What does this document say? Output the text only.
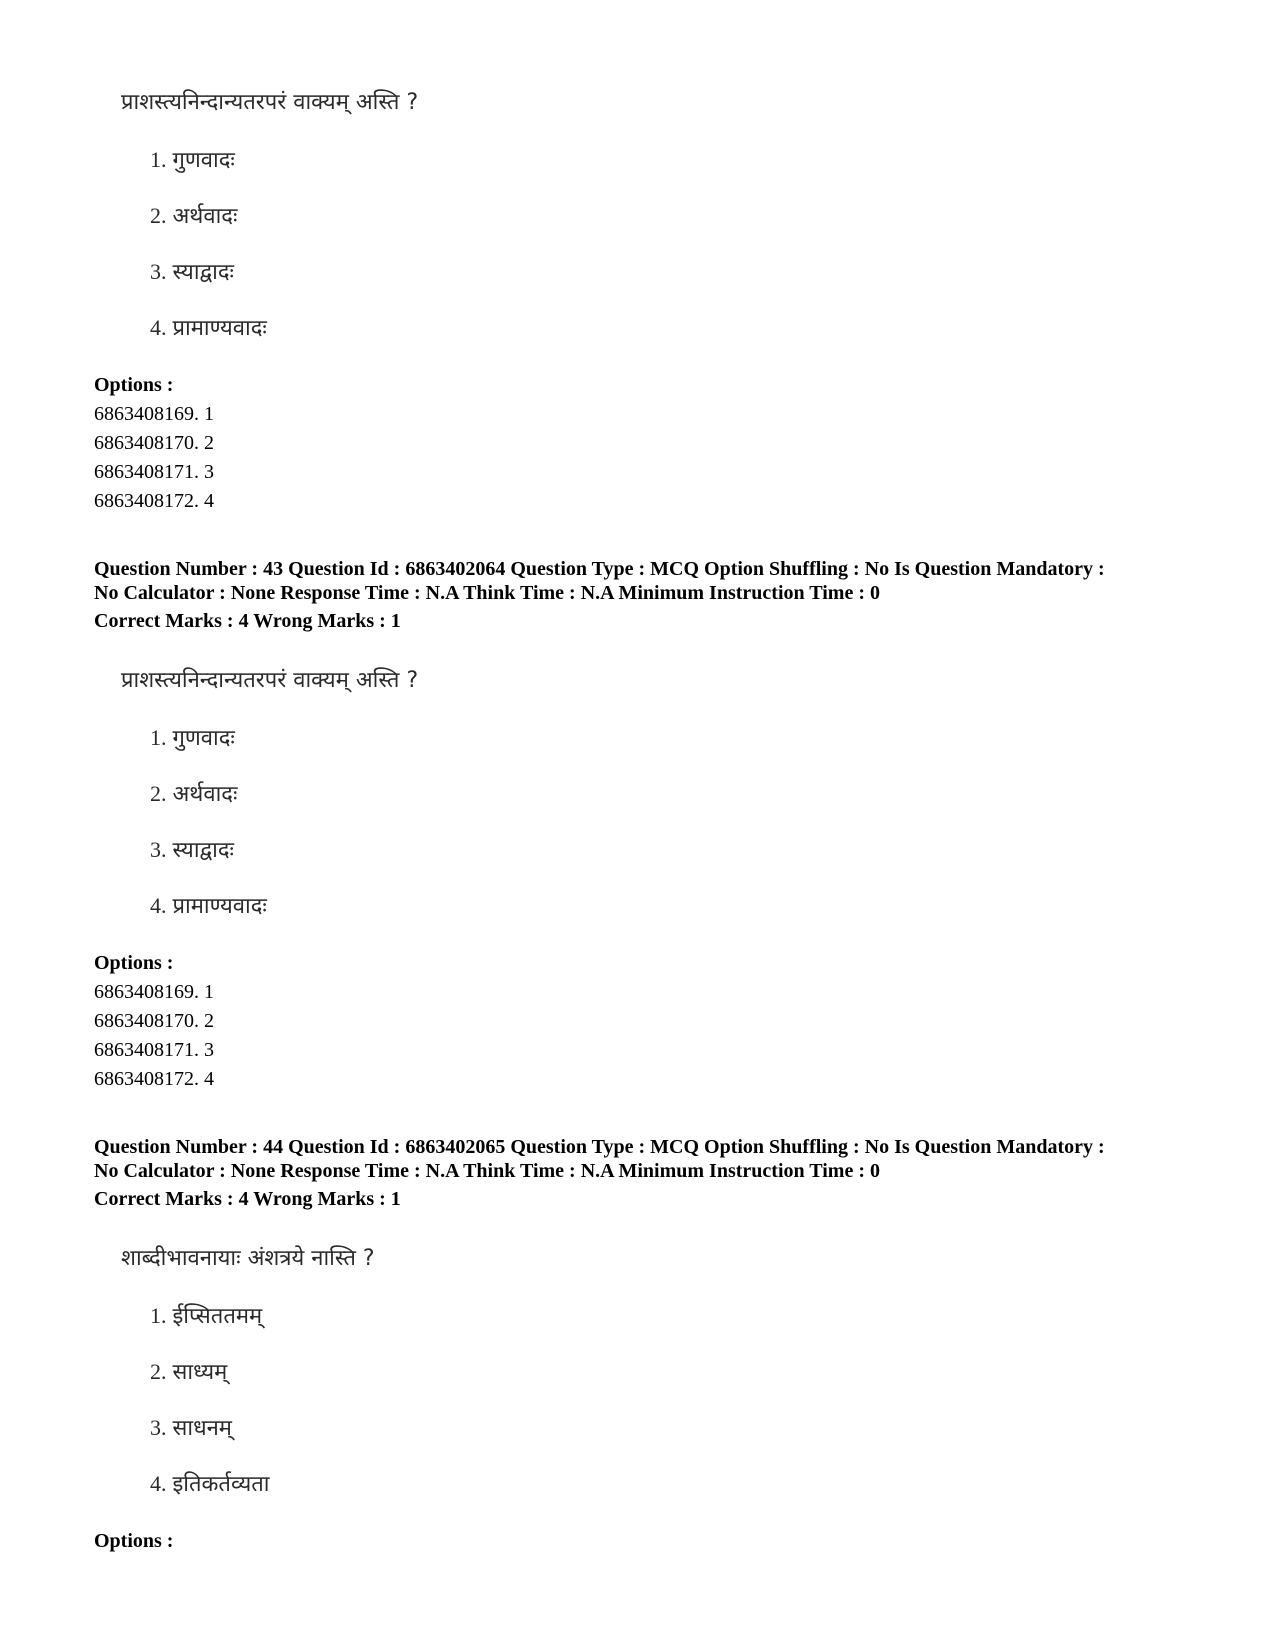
प्राशस्त्यनिन्दान्यतरपरं वाक्यम् अस्ति ?
1. गुणवादः
2. अर्थवादः
3. स्याद्वादः
4. प्रामाण्यवादः
Options :
6863408169. 1
6863408170. 2
6863408171. 3
6863408172. 4
Question Number : 43 Question Id : 6863402064 Question Type : MCQ Option Shuffling : No Is Question Mandatory :
No Calculator : None Response Time : N.A Think Time : N.A Minimum Instruction Time : 0
Correct Marks : 4 Wrong Marks : 1
प्राशस्त्यनिन्दान्यतरपरं वाक्यम् अस्ति ?
1. गुणवादः
2. अर्थवादः
3. स्याद्वादः
4. प्रामाण्यवादः
Options :
6863408169. 1
6863408170. 2
6863408171. 3
6863408172. 4
Question Number : 44 Question Id : 6863402065 Question Type : MCQ Option Shuffling : No Is Question Mandatory :
No Calculator : None Response Time : N.A Think Time : N.A Minimum Instruction Time : 0
Correct Marks : 4 Wrong Marks : 1
शाब्दीभावनायाः अंशत्रये नास्ति ?
1. ईप्सिततमम्
2. साध्यम्
3. साधनम्
4. इतिकर्तव्यता
Options :
